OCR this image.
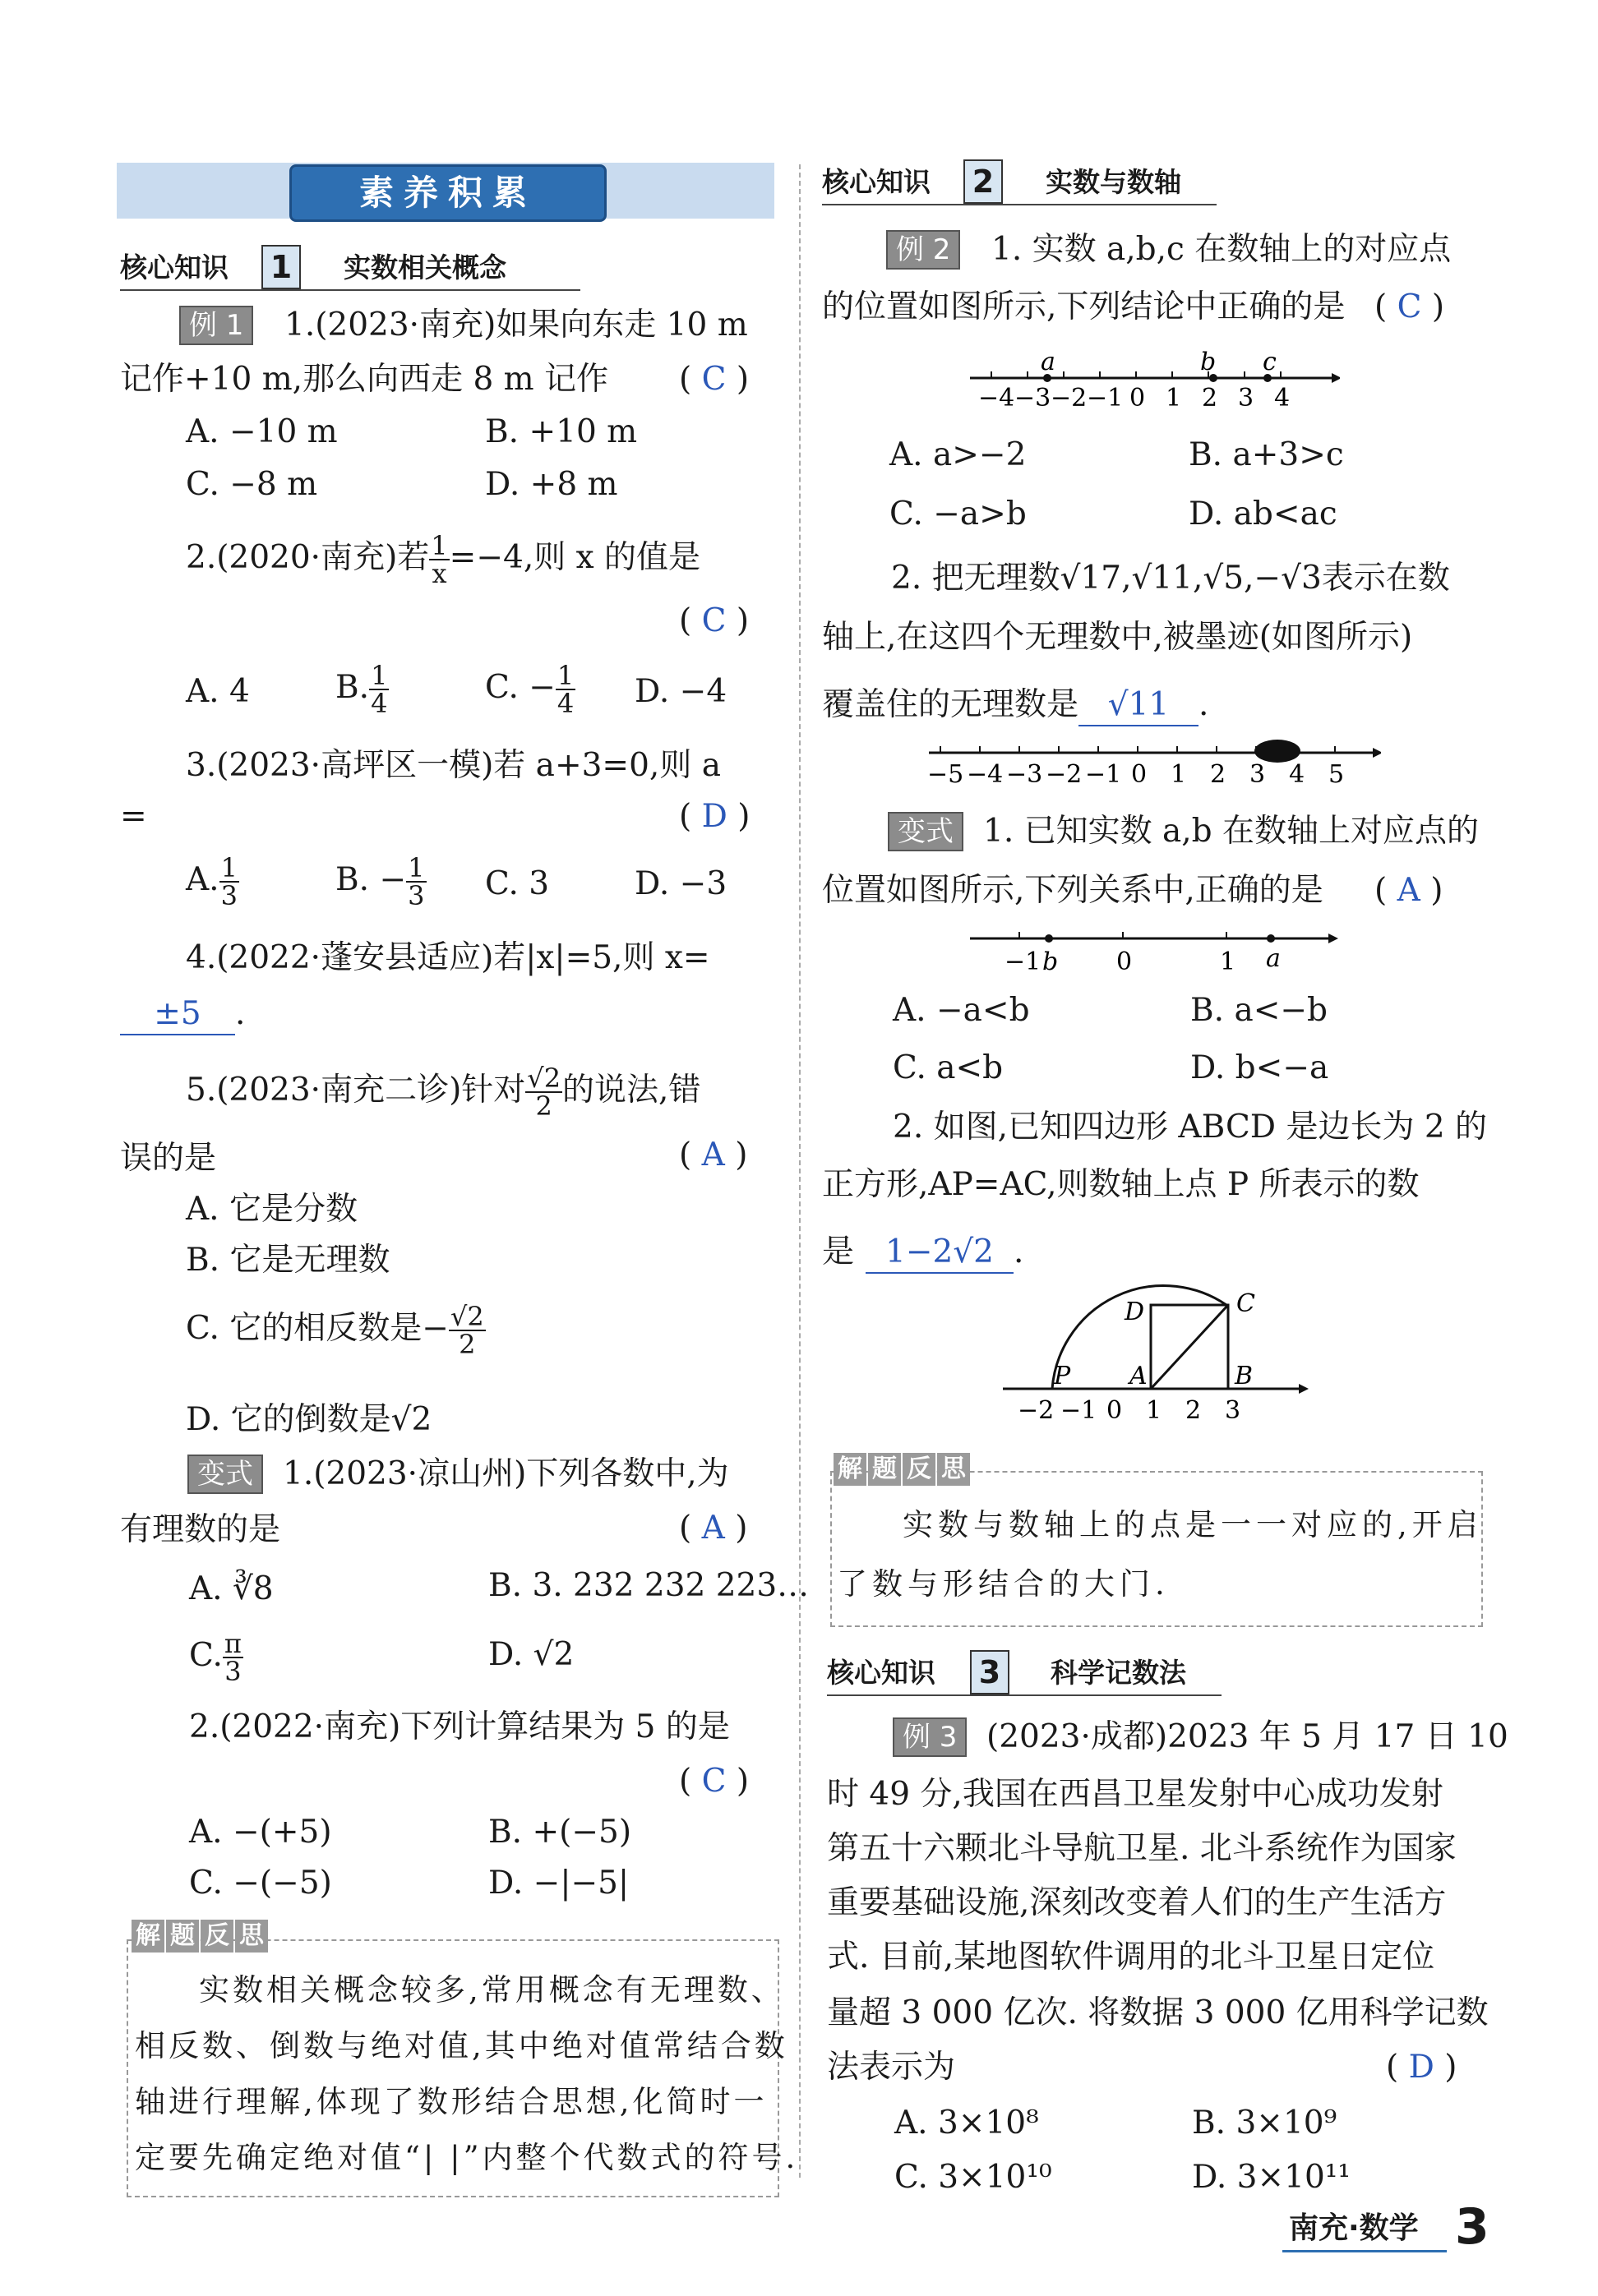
素养积累
核心知识 1	实数相关概念
例 1	1.(2023·南充)如果向东走 10 m
记作+10 m,那么向西走 8 m 记作 ( C )
A. −10 m	B. +10 m
C. −8 m	D. +8 m
2.(2020·南充)若 $\frac{1}{x} =-4$,则 x 的值是
( C )
A. 4	B. $\frac{1}{4}$	C. − $\frac{1}{4} D$. −4
3.(2023·高坪区一模)若 a+3=0,则 a
=	( D )
A. $\frac{1}{3}$	B. − $\frac{1}{3} C$. 3	D. −3
4.(2022·蓬安县适应)若|x|=5,则 x=
±5 .
5.(2023·南充二诊)针对 $\frac{√2}{2}$ 的说法,错
误的是	( A )
A. 它是分数
B. 它是无理数
C. 它的相反数是− $\frac{√2}{2}$
D. 它的倒数是√2
变式 1.(2023·凉山州)下列各数中,为
有理数的是	( A )
A. ∛8	B. 3. 232 232 223…
C. $\frac{\pi}{3}$	D. √2
2.(2022·南充)下列计算结果为 5 的是
( C )
A. −(+5)	B. +(−5)
C. −(−5)	D. −|−5|
解 题 反 思
实数相关概念较多,常用概念有无理数、
相反数、倒数与绝对值,其中绝对值常结合数
轴进行理解,体现了数形结合思想,化简时一
定要先确定绝对值“| |”内整个代数式的符号.
核心知识 2	实数与数轴
例 2	1. 实数 a,b,c 在数轴上的对应点
的位置如图所示,下列结论中正确的是 ( C )
−4 −3 −2 −1 0 1 2 3 4
a	b c
A. a>−2	B. a+3>c
C. −a>b	D. ab<ac
2. 把无理数√17,√11,√5,−√3表示在数
轴上,在这四个无理数中,被墨迹(如图所示)
覆盖住的无理数是 √11 .
−5 −4 −3 −2 −1 0 1 2 3 4 5
变式 1. 已知实数 a,b 在数轴上对应点的
位置如图所示,下列关系中,正确的是 ( A )
−1 b 0	1 a
A. −a<b	B. a<−b
C. a<b	D. b<−a
2. 如图,已知四边形 ABCD 是边长为 2 的
正方形,AP=AC,则数轴上点 P 所表示的数
是 1−2√2 .
D	C
P A	B
−2 −1 0 1 2 3
解 题 反 思
实数与数轴上的点是一一对应的,开启
了数与形结合的大门.
核心知识 3	科学记数法
例 3 (2023·成都)2023 年 5 月 17 日 10
时 49 分,我国在西昌卫星发射中心成功发射
第五十六颗北斗导航卫星. 北斗系统作为国家
重要基础设施,深刻改变着人们的生产生活方
式. 目前,某地图软件调用的北斗卫星日定位
量超 3 000 亿次. 将数据 3 000 亿用科学记数
法表示为	( D )
A. 3×10⁸	B. 3×10⁹
C. 3×10¹⁰	D. 3×10¹¹
南充·数学 3
